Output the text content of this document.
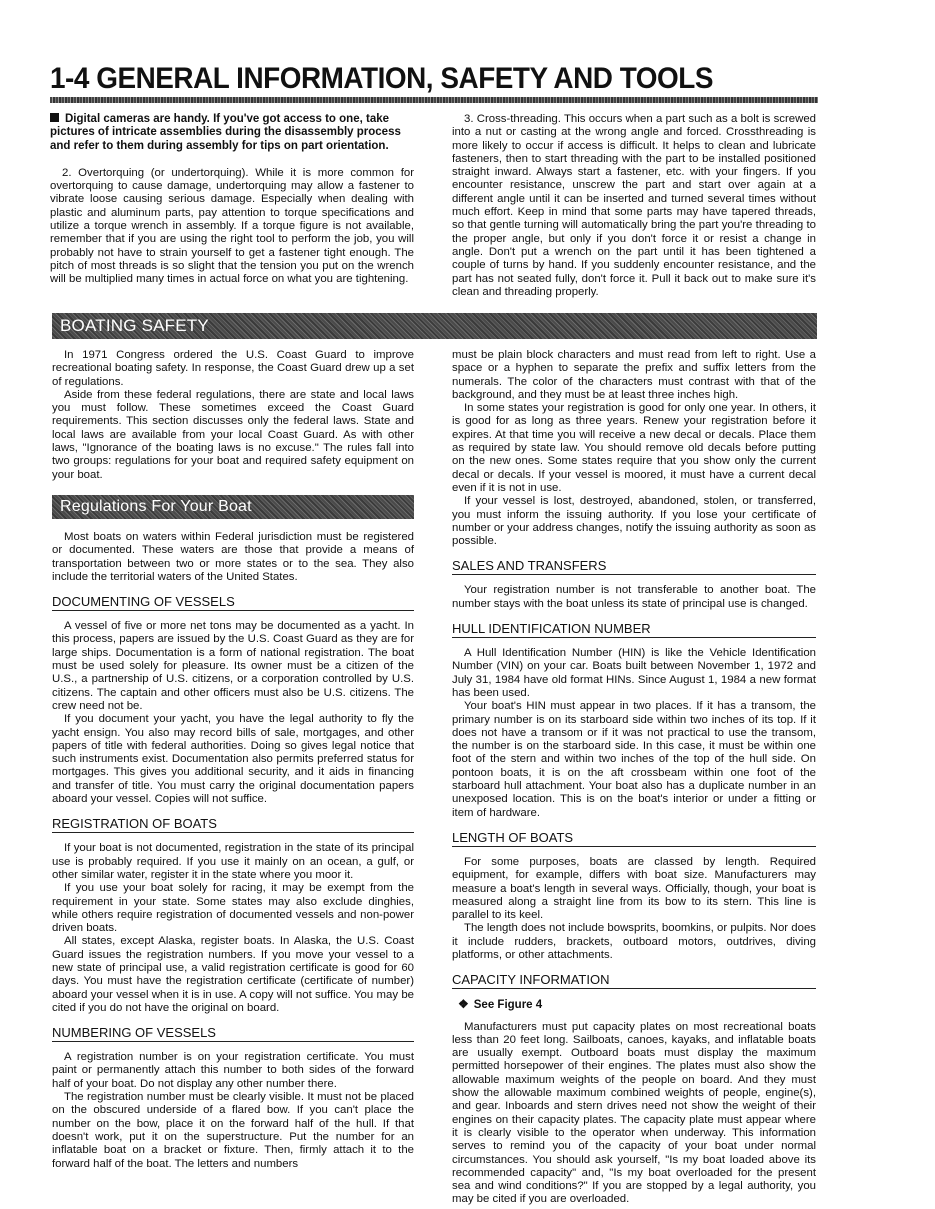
1-4 GENERAL INFORMATION, SAFETY AND TOOLS
Digital cameras are handy. If you've got access to one, take pictures of intricate assemblies during the disassembly process and refer to them during assembly for tips on part orientation.

2. Overtorquing (or undertorquing). While it is more common for overtorquing to cause damage, undertorquing may allow a fastener to vibrate loose causing serious damage. Especially when dealing with plastic and aluminum parts, pay attention to torque specifications and utilize a torque wrench in assembly. If a torque figure is not available, remember that if you are using the right tool to perform the job, you will probably not have to strain yourself to get a fastener tight enough. The pitch of most threads is so slight that the tension you put on the wrench will be multiplied many times in actual force on what you are tightening.

3. Cross-threading. This occurs when a part such as a bolt is screwed into a nut or casting at the wrong angle and forced. Crossthreading is more likely to occur if access is difficult. It helps to clean and lubricate fasteners, then to start threading with the part to be installed positioned straight inward. Always start a fastener, etc. with your fingers. If you encounter resistance, unscrew the part and start over again at a different angle until it can be inserted and turned several times without much effort. Keep in mind that some parts may have tapered threads, so that gentle turning will automatically bring the part you're threading to the proper angle, but only if you don't force it or resist a change in angle. Don't put a wrench on the part until it has been tightened a couple of turns by hand. If you suddenly encounter resistance, and the part has not seated fully, don't force it. Pull it back out to make sure it's clean and threading properly.

BOATING SAFETY

In 1971 Congress ordered the U.S. Coast Guard to improve recreational boating safety. In response, the Coast Guard drew up a set of regulations.

Aside from these federal regulations, there are state and local laws you must follow. These sometimes exceed the Coast Guard requirements. This section discusses only the federal laws. State and local laws are available from your local Coast Guard. As with other laws, "Ignorance of the boating laws is no excuse." The rules fall into two groups: regulations for your boat and required safety equipment on your boat.

Regulations For Your Boat

Most boats on waters within Federal jurisdiction must be registered or documented. These waters are those that provide a means of transportation between two or more states or to the sea. They also include the territorial waters of the United States.

DOCUMENTING OF VESSELS

A vessel of five or more net tons may be documented as a yacht. In this process, papers are issued by the U.S. Coast Guard as they are for large ships. Documentation is a form of national registration. The boat must be used solely for pleasure. Its owner must be a citizen of the U.S., a partnership of U.S. citizens, or a corporation controlled by U.S. citizens. The captain and other officers must also be U.S. citizens. The crew need not be.

If you document your yacht, you have the legal authority to fly the yacht ensign. You also may record bills of sale, mortgages, and other papers of title with federal authorities. Doing so gives legal notice that such instruments exist. Documentation also permits preferred status for mortgages. This gives you additional security, and it aids in financing and transfer of title. You must carry the original documentation papers aboard your vessel. Copies will not suffice.

REGISTRATION OF BOATS

If your boat is not documented, registration in the state of its principal use is probably required. If you use it mainly on an ocean, a gulf, or other similar water, register it in the state where you moor it.

If you use your boat solely for racing, it may be exempt from the requirement in your state. Some states may also exclude dinghies, while others require registration of documented vessels and non-power driven boats.

All states, except Alaska, register boats. In Alaska, the U.S. Coast Guard issues the registration numbers. If you move your vessel to a new state of principal use, a valid registration certificate is good for 60 days. You must have the registration certificate (certificate of number) aboard your vessel when it is in use. A copy will not suffice. You may be cited if you do not have the original on board.

NUMBERING OF VESSELS

A registration number is on your registration certificate. You must paint or permanently attach this number to both sides of the forward half of your boat. Do not display any other number there.

The registration number must be clearly visible. It must not be placed on the obscured underside of a flared bow. If you can't place the number on the bow, place it on the forward half of the hull. If that doesn't work, put it on the superstructure. Put the number for an inflatable boat on a bracket or fixture. Then, firmly attach it to the forward half of the boat. The letters and numbers

must be plain block characters and must read from left to right. Use a space or a hyphen to separate the prefix and suffix letters from the numerals. The color of the characters must contrast with that of the background, and they must be at least three inches high.

In some states your registration is good for only one year. In others, it is good for as long as three years. Renew your registration before it expires. At that time you will receive a new decal or decals. Place them as required by state law. You should remove old decals before putting on the new ones. Some states require that you show only the current decal or decals. If your vessel is moored, it must have a current decal even if it is not in use.

If your vessel is lost, destroyed, abandoned, stolen, or transferred, you must inform the issuing authority. If you lose your certificate of number or your address changes, notify the issuing authority as soon as possible.

SALES AND TRANSFERS

Your registration number is not transferable to another boat. The number stays with the boat unless its state of principal use is changed.

HULL IDENTIFICATION NUMBER

A Hull Identification Number (HIN) is like the Vehicle Identification Number (VIN) on your car. Boats built between November 1, 1972 and July 31, 1984 have old format HINs. Since August 1, 1984 a new format has been used.

Your boat's HIN must appear in two places. If it has a transom, the primary number is on its starboard side within two inches of its top. If it does not have a transom or if it was not practical to use the transom, the number is on the starboard side. In this case, it must be within one foot of the stern and within two inches of the top of the hull side. On pontoon boats, it is on the aft crossbeam within one foot of the starboard hull attachment. Your boat also has a duplicate number in an unexposed location. This is on the boat's interior or under a fitting or item of hardware.

LENGTH OF BOATS

For some purposes, boats are classed by length. Required equipment, for example, differs with boat size. Manufacturers may measure a boat's length in several ways. Officially, though, your boat is measured along a straight line from its bow to its stern. This line is parallel to its keel.

The length does not include bowsprits, boomkins, or pulpits. Nor does it include rudders, brackets, outboard motors, outdrives, diving platforms, or other attachments.

CAPACITY INFORMATION
❖ See Figure 4

Manufacturers must put capacity plates on most recreational boats less than 20 feet long. Sailboats, canoes, kayaks, and inflatable boats are usually exempt. Outboard boats must display the maximum permitted horsepower of their engines. The plates must also show the allowable maximum weights of the people on board. And they must show the allowable maximum combined weights of people, engine(s), and gear. Inboards and stern drives need not show the weight of their engines on their capacity plates. The capacity plate must appear where it is clearly visible to the operator when underway. This information serves to remind you of the capacity of your boat under normal circumstances. You should ask yourself, "Is my boat loaded above its recommended capacity" and, "Is my boat overloaded for the present sea and wind conditions?" If you are stopped by a legal authority, you may be cited if you are overloaded.
